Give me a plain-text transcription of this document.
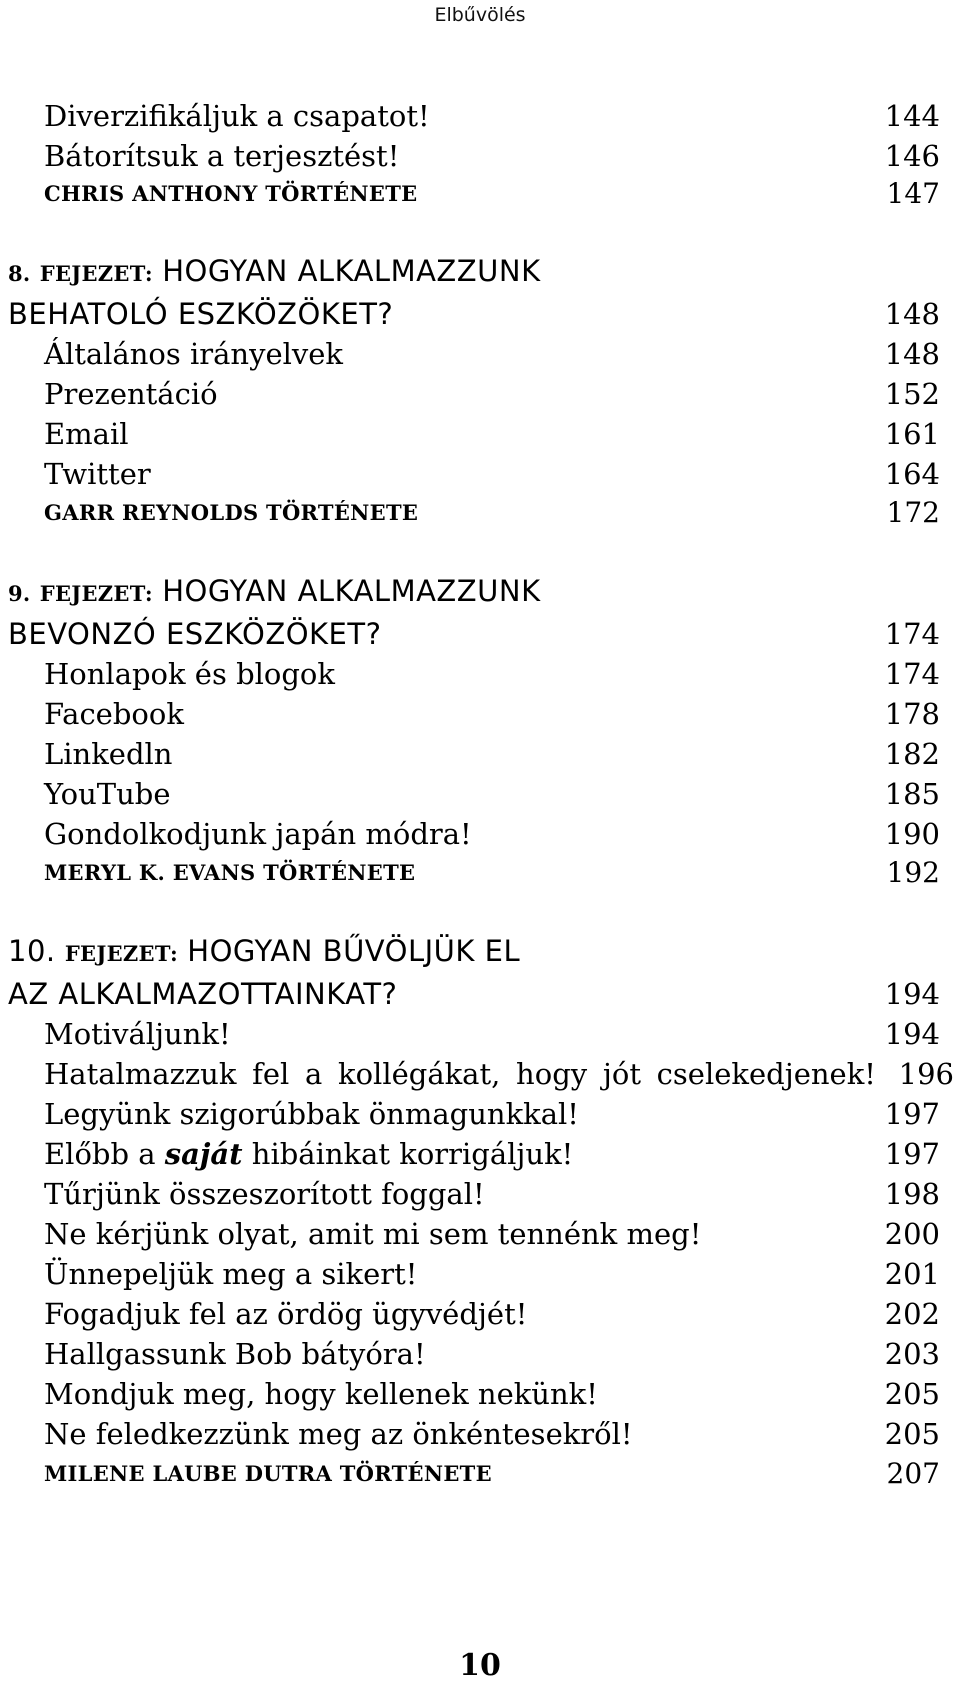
Elbűvölés
Diverzifikáljuk a csapatot!	144
Bátorítsuk a terjesztést!	146
CHRIS ANTHONY TÖRTÉNETE	147
8. FEJEZET: HOGYAN ALKALMAZZUNK
BEHATOLÓ ESZKÖZÖKET?	148
Általános irányelvek	148
Prezentáció	152
Email	161
Twitter	164
GARR REYNOLDS TÖRTÉNETE	172
9. FEJEZET: HOGYAN ALKALMAZZUNK
BEVONZÓ ESZKÖZÖKET?	174
Honlapok és blogok	174
Facebook	178
Linkedln	182
YouTube	185
Gondolkodjunk japán módra!	190
MERYL K. EVANS TÖRTÉNETE	192
10. FEJEZET: HOGYAN BŰVÖLJÜK EL
AZ ALKALMAZOTTAINKAT?	194
Motiváljunk!	194
Hatalmazzuk fel a kollégákat, hogy jót cselekedjenek! 196
Legyünk szigorúbbak önmagunkkal!	197
Előbb a saját hibáinkat korrigáljuk!	197
Tűrjünk összeszorított foggal!	198
Ne kérjünk olyat, amit mi sem tennénk meg!	200
Ünnepeljük meg a sikert!	201
Fogadjuk fel az ördög ügyvédjét!	202
Hallgassunk Bob bátyóra!	203
Mondjuk meg, hogy kellenek nekünk!	205
Ne feledkezzünk meg az önkéntesekről!	205
MILENE LAUBE DUTRA TÖRTÉNETE	207
10
